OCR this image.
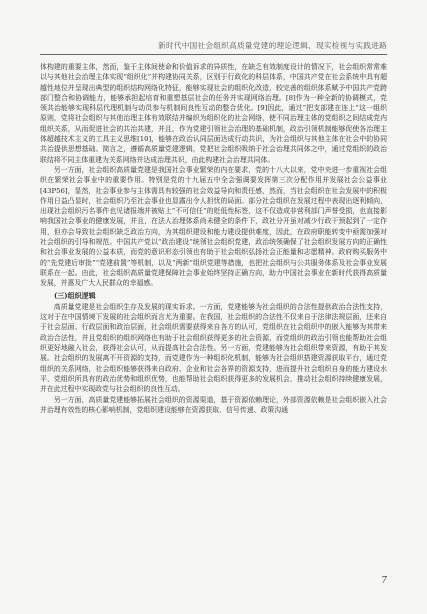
新时代中国社会组织高质量党建的理论逻辑、现实检视与实践进路

体构建的重要主体，然而，鉴于主体间使命和价值诉求的异质性，在缺乏有效制度设计的情况下，社会组织常常难以与其他社会治理主体实现“组织化”并构建协同关系，区别于行政化的科层体系，中国共产党在社会系统中具有超越性地位并呈现出典型的组织结构网络化特征，能够实现社会的组织化改造，较完善的组织体系赋予中国共产党跨部门整合和协调能力，能够承担起培育和重塑基层社会的任务并实现网络治理。[8]作为一种全新的协调模式，党领共治能够实现科层代理机制与动员参与机制间良性互动的整合优化。[9]因此，通过“把支部建在连上”这一组织原则，党将社会组织与其他治理主体有效联结并编织为组织化的社会网络，使不同治理主体的党组织之间结成党内组织关系，从而促进社会的共治共建，并且，作为党建引领社会治理的基础机制，政治引领机制能够促使各治理主体超越技术主义的工具主义思维[10]，能够在政治认同层面达成行动共识，为社会组织与其他主体在社会中的协同共治提供思想基础。简言之，遵循高质量党建逻辑，党把社会组织吸纳于社会治理共同体之中，通过党组织的政治联结将不同主体重建为关系网络并达成治理共识，由此构建社会治理共同体。

另一方面，社会组织高质量党建是我国社会事业繁荣的内在要求，党的十八大以来，党中央进一步重视社会组织在繁荣社会事业中的重要作用。特别是党的十九届五中全会强调要发挥第三次分配作用并发展社会公益事业[43P56]，显然，社会事业参与主体需具有较强的社会效益导向和责任感，然而，当社会组织在社会发展中的积极作用日益凸显时，社会组织乃至社会事业也显露出令人担忧的局面。部分社会组织在发展过程中表现出逐利倾向，出现社会组织污名事件也见诸报端并被贴上“不可信任”的贬低性标签，这不仅造成非营利部门声誉受损，也直接影响我国社会事业的健康发展，并且，在法人治理体系尚未健全的条件下，政社分开虽对减少行政干预起到了一定作用，但亦会导致社会组织缺乏政治方向，为其组织建设和能力建设提供难度，因此，在政府职能转变中亟需加强对社会组织的引导和规范。中国共产党以“政治建设”统领社会组织党建，政治统领确保了社会组织发展方向的正确性和社会事业发展的公益本质，而党的意识形态引领也有助于社会组织弘扬社会正能量和志愿精神。政府购买服务中的“先党建后审批”“党建前置”等机制，以及“两新”组织党建等措施，也把社会组织与公共服务体系及社会事业发展联系在一起。由此，社会组织高质量党建保障社会事业始终坚持正确方向，助力中国社会事业在新时代获得高质量发展，并惠及广大人民群众的幸福感。

(三)组织逻辑

高质量党建是社会组织生存及发展的现实诉求。一方面，党建能够为社会组织的合法性提供政治合法性支持，这对于在中国情境下发展的社会组织而言尤为重要。在我国，社会组织的合法性不仅来自于法律法规层面，还来自于社会层面、行政层面和政治层面，社会组织需要获得来自各方的认可，党组织在社会组织中的嵌入能够为其带来政治合法性，并且党组织的组织网络也有助于社会组织获得更多的社会资源，而党组织的政治引领也能帮助社会组织更好地融入社会，获得社会认可，从而提高社会合法性。另一方面，党建能够为社会组织带来资源，有助于其发展。社会组织的发展离不开资源的支持，而党建作为一种组织化机制，能够为社会组织搭建资源获取平台，通过党组织的关系网络，社会组织能够获得来自政府、企业和社会各界的资源支持，进而提升社会组织自身的能力建设水平，党组织所具有的政治优势和组织优势，也能帮助社会组织获得更多的发展机会，推动社会组织持续健康发展，并在此过程中实现政党与社会组织的良性互动。

另一方面，高质量党建能够拓展社会组织的资源渠道，基于资源依赖理论，外部资源依赖是社会组织嵌入社会并治理有效性的核心影响机制，党组织建设能够在资源获取、信号传递、政策沟通

7
